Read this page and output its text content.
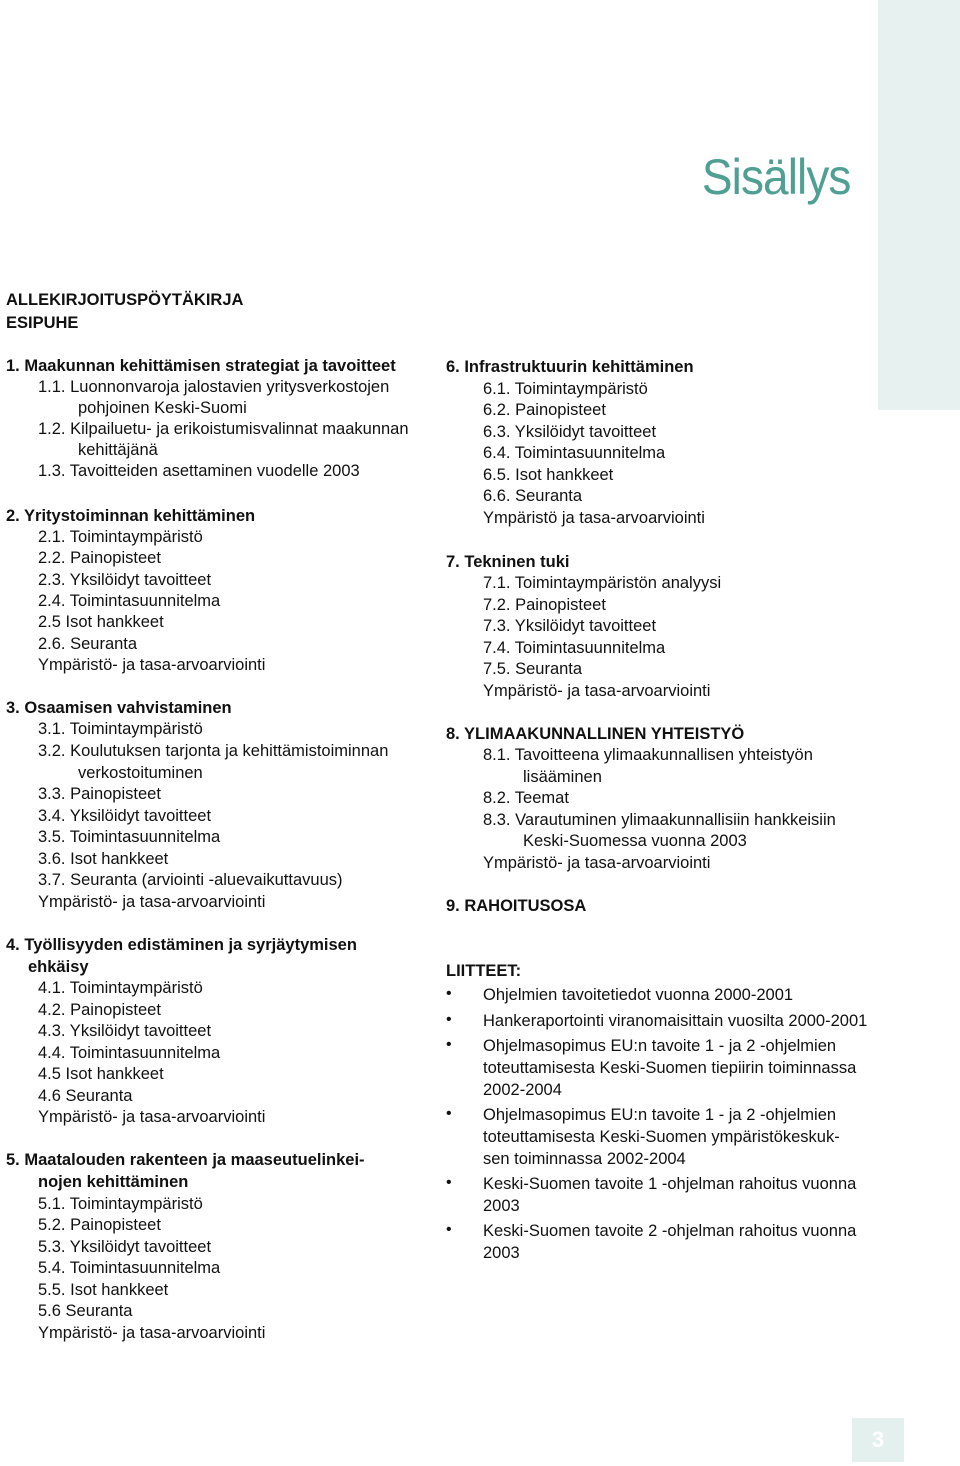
Sisällys
ALLEKIRJOITUSPÖYTÄKIRJA
ESIPUHE
1. Maakunnan kehittämisen strategiat ja tavoitteet
1.1. Luonnonvaroja jalostavien yritysverkostojen
pohjoinen Keski-Suomi
1.2. Kilpailuetu- ja erikoistumisvalinnat maakunnan
kehittäjänä
1.3. Tavoitteiden asettaminen vuodelle 2003
2. Yritystoiminnan kehittäminen
2.1. Toimintaympäristö
2.2. Painopisteet
2.3. Yksilöidyt tavoitteet
2.4. Toimintasuunnitelma
2.5 Isot hankkeet
2.6. Seuranta
Ympäristö- ja tasa-arvoarviointi
3. Osaamisen vahvistaminen
3.1. Toimintaympäristö
3.2. Koulutuksen tarjonta ja kehittämistoiminnan
verkostoituminen
3.3. Painopisteet
3.4. Yksilöidyt tavoitteet
3.5. Toimintasuunnitelma
3.6. Isot hankkeet
3.7. Seuranta (arviointi -aluevaikuttavuus)
Ympäristö- ja tasa-arvoarviointi
4. Työllisyyden edistäminen ja syrjäytymisen
ehkäisy
4.1. Toimintaympäristö
4.2. Painopisteet
4.3. Yksilöidyt tavoitteet
4.4. Toimintasuunnitelma
4.5 Isot hankkeet
4.6 Seuranta
Ympäristö- ja tasa-arvoarviointi
5. Maatalouden rakenteen ja maaseutuelinkei-
nojen kehittäminen
5.1. Toimintaympäristö
5.2. Painopisteet
5.3. Yksilöidyt tavoitteet
5.4. Toimintasuunnitelma
5.5. Isot hankkeet
5.6 Seuranta
Ympäristö- ja tasa-arvoarviointi
6. Infrastruktuurin kehittäminen
6.1. Toimintaympäristö
6.2. Painopisteet
6.3. Yksilöidyt tavoitteet
6.4. Toimintasuunnitelma
6.5. Isot hankkeet
6.6. Seuranta
Ympäristö ja tasa-arvoarviointi
7. Tekninen tuki
7.1. Toimintaympäristön analyysi
7.2. Painopisteet
7.3. Yksilöidyt tavoitteet
7.4. Toimintasuunnitelma
7.5. Seuranta
Ympäristö- ja tasa-arvoarviointi
8. YLIMAAKUNNALLINEN YHTEISTYÖ
8.1. Tavoitteena ylimaakunnallisen yhteistyön
lisääminen
8.2. Teemat
8.3. Varautuminen ylimaakunnallisiin hankkeisiin
Keski-Suomessa vuonna 2003
Ympäristö- ja tasa-arvoarviointi
9. RAHOITUSOSA
LIITTEET:
• Ohjelmien tavoitetiedot vuonna 2000-2001
• Hankeraportointi viranomaisittain vuosilta 2000-2001
• Ohjelmasopimus EU:n tavoite 1 - ja 2 -ohjelmien
toteuttamisesta Keski-Suomen tiepiirin toiminnassa
2002-2004
• Ohjelmasopimus EU:n tavoite 1 - ja 2 -ohjelmien
toteuttamisesta Keski-Suomen ympäristökeskuk-
sen toiminnassa 2002-2004
• Keski-Suomen tavoite 1 -ohjelman rahoitus vuonna
2003
• Keski-Suomen tavoite 2 -ohjelman rahoitus vuonna
2003
3
